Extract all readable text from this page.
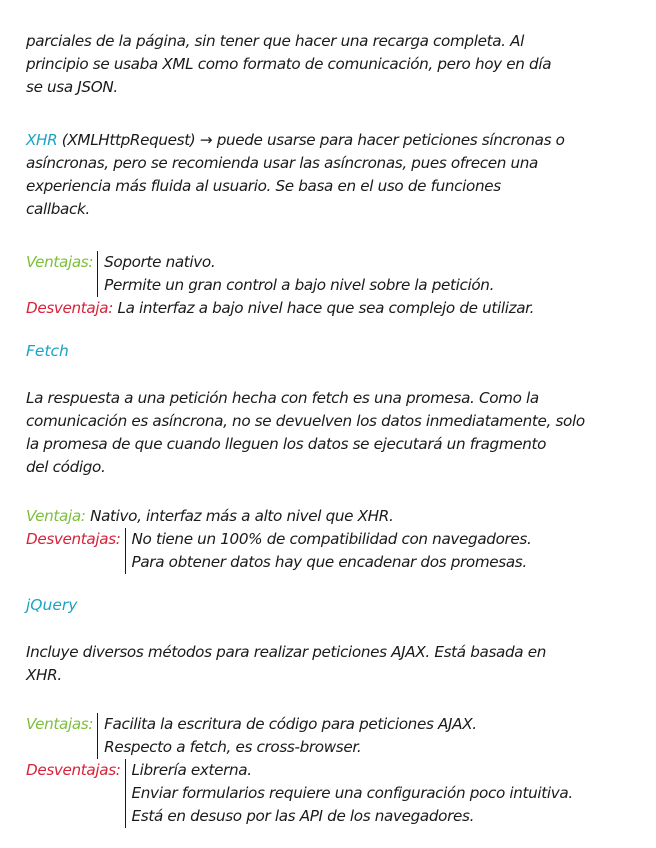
parciales de la página, sin tener que hacer una recarga completa. Al
principio se usaba XML como formato de comunicación, pero hoy en día
se usa JSON.
XHR (XMLHttpRequest) → puede usarse para hacer peticiones síncronas o
asíncronas, pero se recomienda usar las asíncronas, pues ofrecen una
experiencia más fluida al usuario. Se basa en el uso de funciones
callback.
Ventajas: Soporte nativo.
Permite un gran control a bajo nivel sobre la petición.
Desventaja: La interfaz a bajo nivel hace que sea complejo de utilizar.
Fetch
La respuesta a una petición hecha con fetch es una promesa. Como la
comunicación es asíncrona, no se devuelven los datos inmediatamente, solo
la promesa de que cuando lleguen los datos se ejecutará un fragmento
del código.
Ventaja: Nativo, interfaz más a alto nivel que XHR.
Desventajas: No tiene un 100% de compatibilidad con navegadores.
Para obtener datos hay que encadenar dos promesas.
jQuery
Incluye diversos métodos para realizar peticiones AJAX. Está basada en
XHR.
Ventajas: Facilita la escritura de código para peticiones AJAX.
Respecto a fetch, es cross-browser.
Desventajas: Librería externa.
Enviar formularios requiere una configuración poco intuitiva.
Está en desuso por las API de los navegadores.
